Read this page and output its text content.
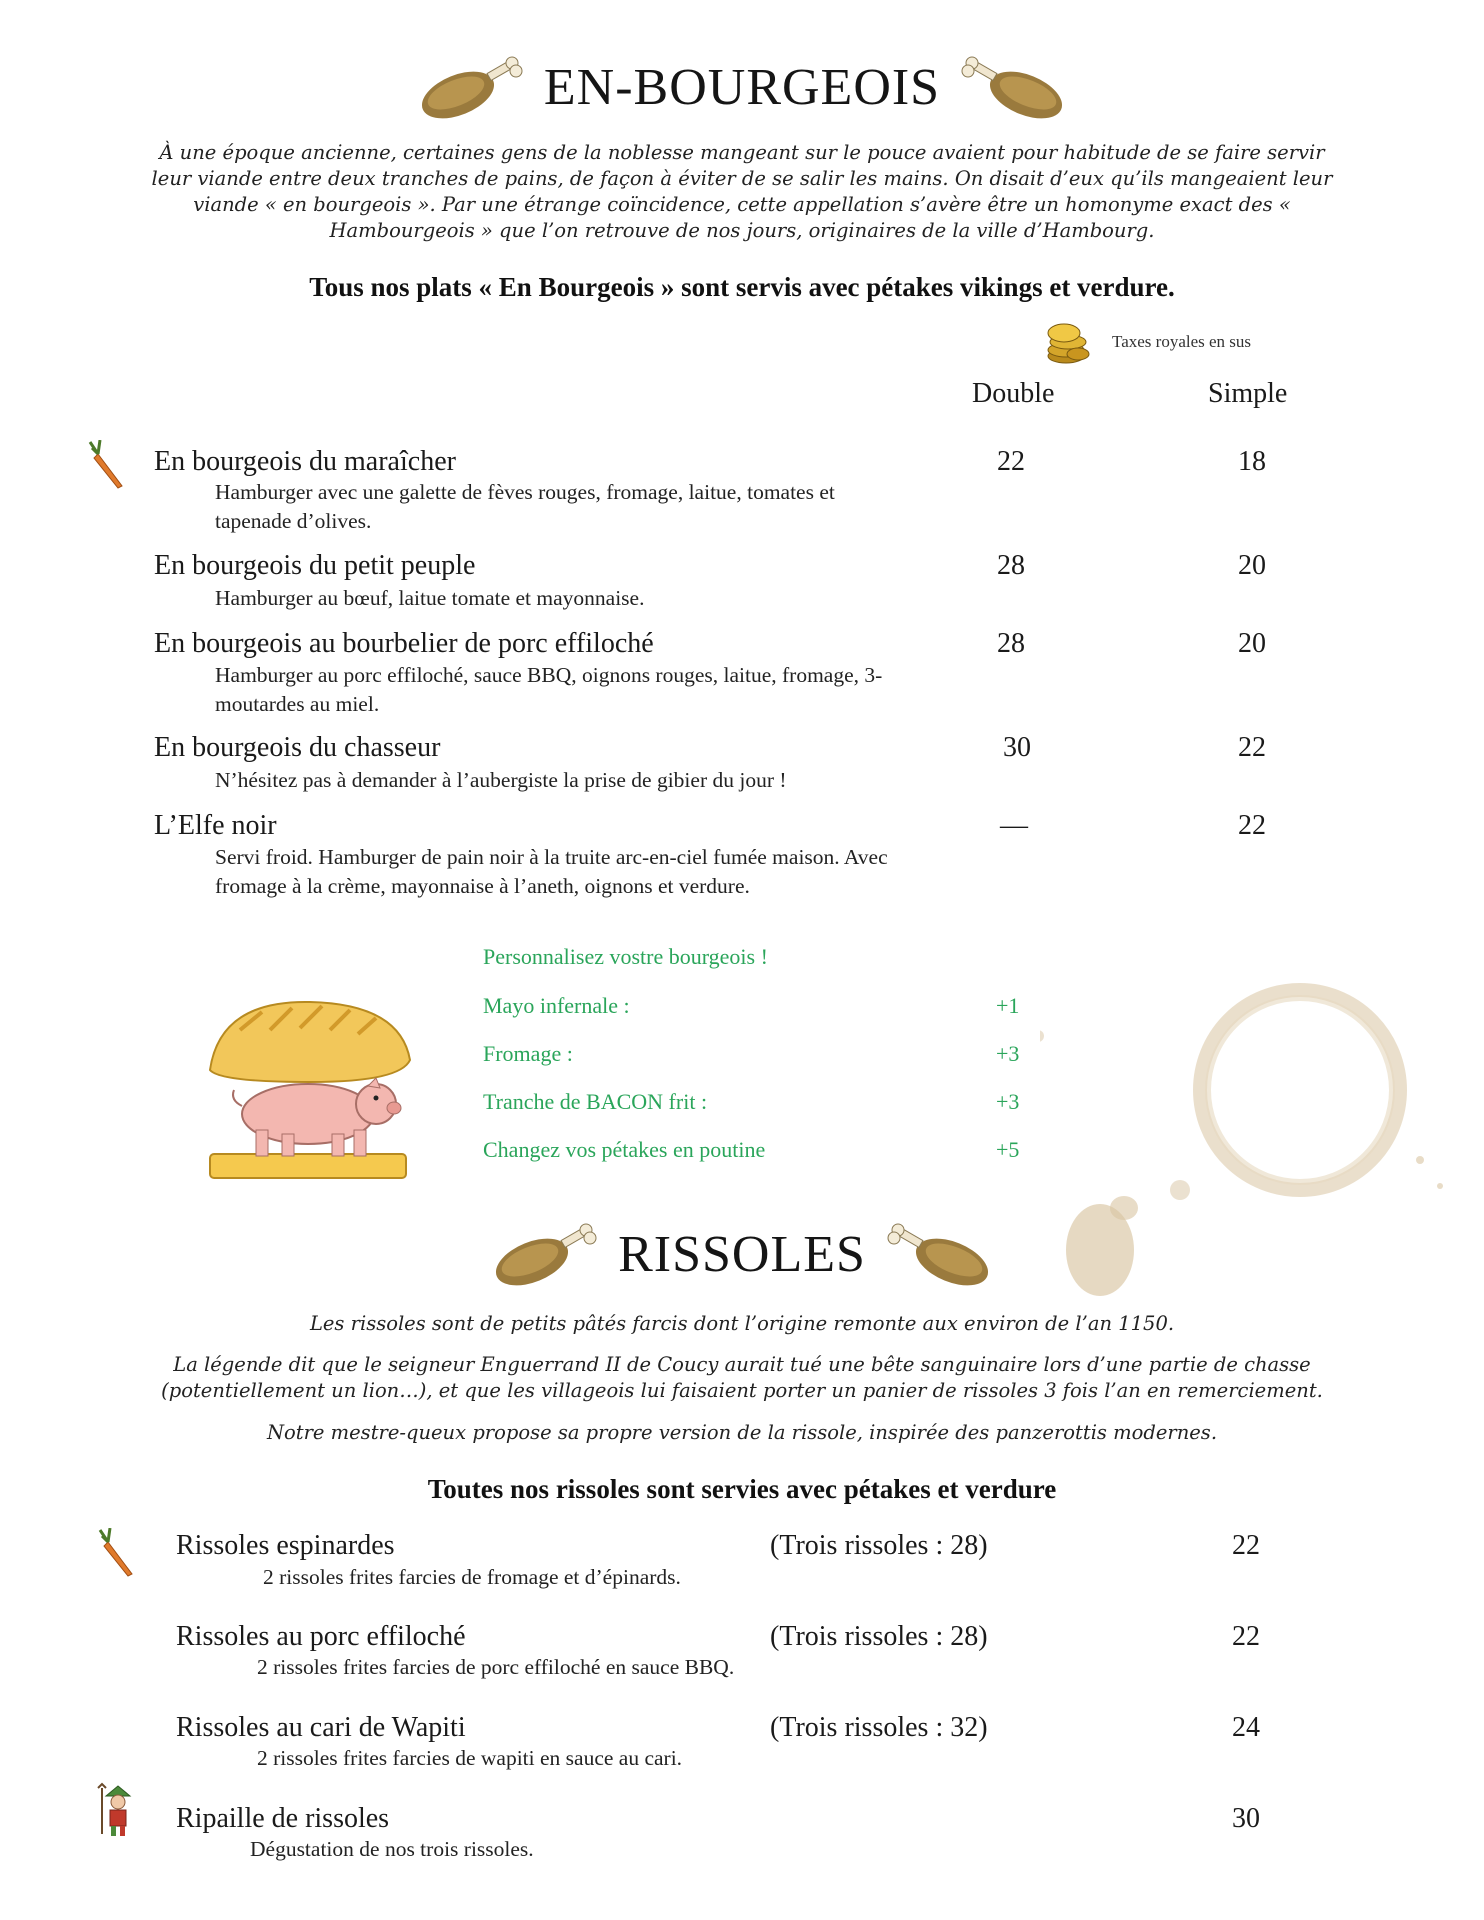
EN-BOURGEOIS
À une époque ancienne, certaines gens de la noblesse mangeant sur le pouce avaient pour habitude de se faire servir leur viande entre deux tranches de pains, de façon à éviter de se salir les mains. On disait d’eux qu’ils mangeaient leur viande « en bourgeois ». Par une étrange coïncidence, cette appellation s’avère être un homonyme exact des « Hambourgeois » que l’on retrouve de nos jours, originaires de la ville d’Hambourg.
Tous nos plats « En Bourgeois » sont servis avec pétakes vikings et verdure.
Taxes royales en sus
Double	Simple
En bourgeois du maraîcher
Hamburger avec une galette de fèves rouges, fromage, laitue, tomates et tapenade d’olives.
22	18
En bourgeois du petit peuple
Hamburger au bœuf, laitue tomate et mayonnaise.
28	20
En bourgeois au bourbelier de porc effiloché
Hamburger au porc effiloché, sauce BBQ, oignons rouges, laitue, fromage, 3-moutardes au miel.
28	20
En bourgeois du chasseur
N’hésitez pas à demander à l’aubergiste la prise de gibier du jour !
30	22
L’Elfe noir
Servi froid. Hamburger de pain noir à la truite arc-en-ciel fumée maison. Avec fromage à la crème, mayonnaise à l’aneth, oignons et verdure.
—	22
Personnalisez vostre bourgeois !
Mayo infernale :	+1
Fromage :	+3
Tranche de BACON frit :	+3
Changez vos pétakes en poutine	+5
RISSOLES
Les rissoles sont de petits pâtés farcis dont l’origine remonte aux environ de l’an 1150.
La légende dit que le seigneur Enguerrand II de Coucy aurait tué une bête sanguinaire lors d’une partie de chasse (potentiellement un lion…), et que les villageois lui faisaient porter un panier de rissoles 3 fois l’an en remerciement.
Notre mestre-queux propose sa propre version de la rissole, inspirée des panzerottis modernes.
Toutes nos rissoles sont servies avec pétakes et verdure
Rissoles espinardes
2 rissoles frites farcies de fromage et d’épinards.
(Trois rissoles : 28)	22
Rissoles au porc effiloché
2 rissoles frites farcies de porc effiloché en sauce BBQ.
(Trois rissoles : 28)	22
Rissoles au cari de Wapiti
2 rissoles frites farcies de wapiti en sauce au cari.
(Trois rissoles : 32)	24
Ripaille de rissoles
Dégustation de nos trois rissoles.
30
